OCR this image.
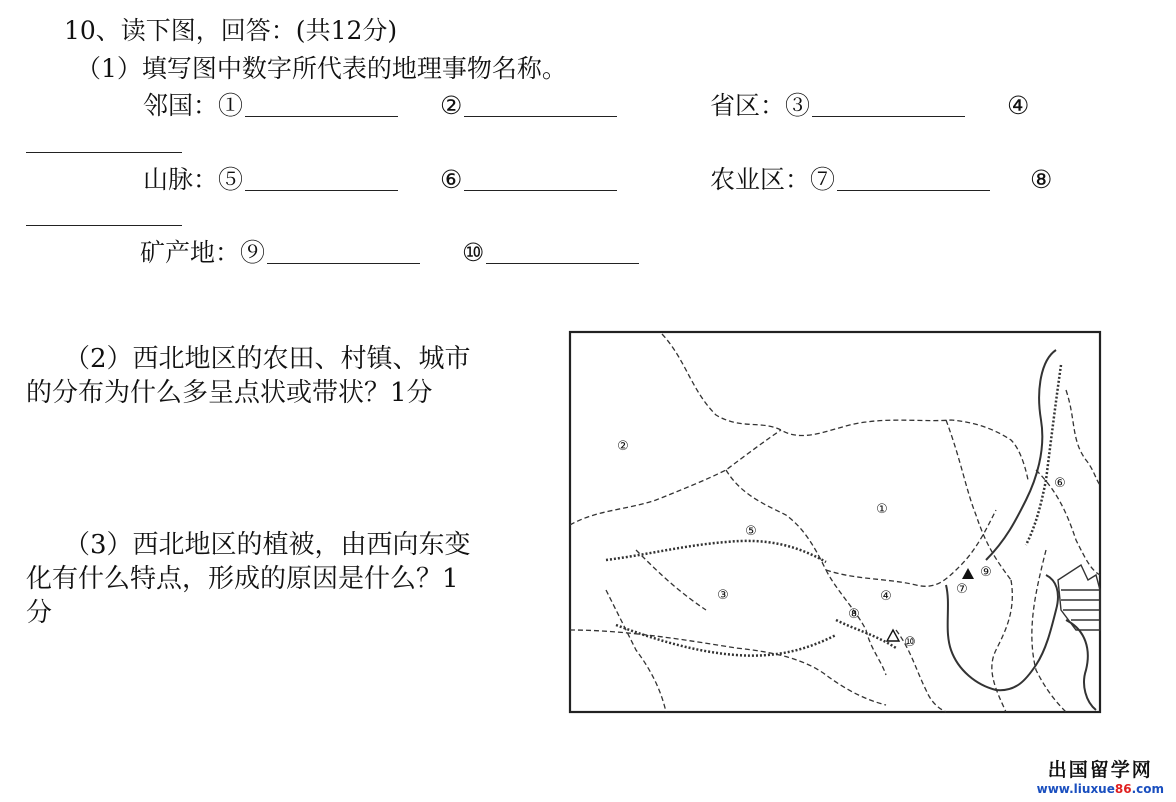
10、读下图，回答：(共12分)
（1）填写图中数字所代表的地理事物名称。
邻国：①	②	省区：③	④
山脉：⑤	⑥	农业区：⑦	⑧
矿产地：⑨	⑩
（2）西北地区的农田、村镇、城市
的分布为什么多呈点状或带状？1分
（3）西北地区的植被，由西向东变
化有什么特点，形成的原因是什么？1
分
①
②
③	④
⑤
⑥
⑦
⑧
⑨
⑩
出国留学网
www.liuxue86.com
